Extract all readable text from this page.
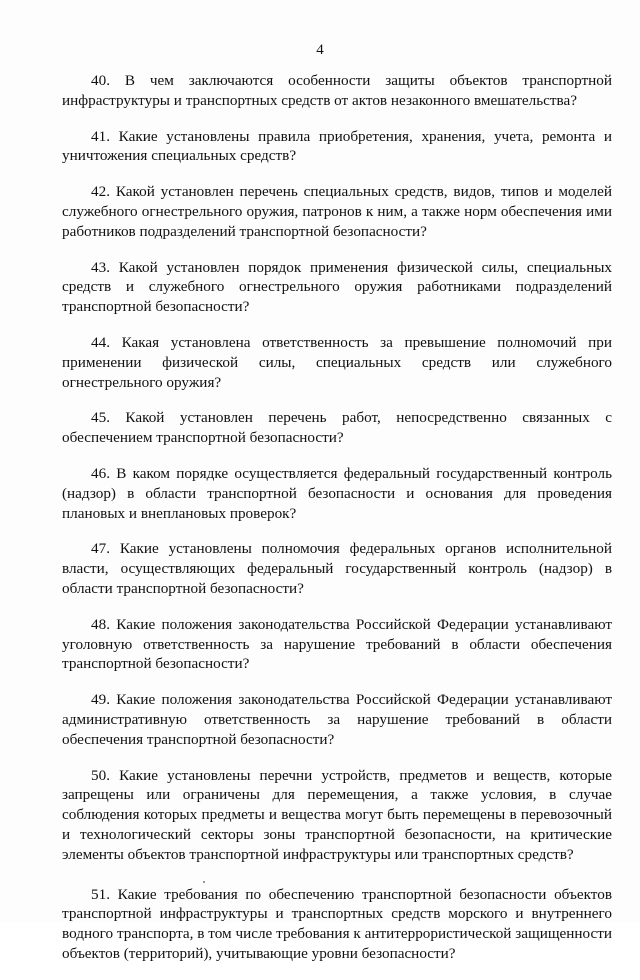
4

40. В чем заключаются особенности защиты объектов транспортной инфраструктуры и транспортных средств от актов незаконного вмешательства?

41. Какие установлены правила приобретения, хранения, учета, ремонта и уничтожения специальных средств?

42. Какой установлен перечень специальных средств, видов, типов и моделей служебного огнестрельного оружия, патронов к ним, а также норм обеспечения ими работников подразделений транспортной безопасности?

43. Какой установлен порядок применения физической силы, специальных средств и служебного огнестрельного оружия работниками подразделений транспортной безопасности?

44. Какая установлена ответственность за превышение полномочий при применении физической силы, специальных средств или служебного огнестрельного оружия?

45. Какой установлен перечень работ, непосредственно связанных с обеспечением транспортной безопасности?

46. В каком порядке осуществляется федеральный государственный контроль (надзор) в области транспортной безопасности и основания для проведения плановых и внеплановых проверок?

47. Какие установлены полномочия федеральных органов исполнительной власти, осуществляющих федеральный государственный контроль (надзор) в области транспортной безопасности?

48. Какие положения законодательства Российской Федерации устанавливают уголовную ответственность за нарушение требований в области обеспечения транспортной безопасности?

49. Какие положения законодательства Российской Федерации устанавливают административную ответственность за нарушение требований в области обеспечения транспортной безопасности?

50. Какие установлены перечни устройств, предметов и веществ, которые запрещены или ограничены для перемещения, а также условия, в случае соблюдения которых предметы и вещества могут быть перемещены в перевозочный и технологический секторы зоны транспортной безопасности, на критические элементы объектов транспортной инфраструктуры или транспортных средств?

51. Какие требования по обеспечению транспортной безопасности объектов транспортной инфраструктуры и транспортных средств морского и внутреннего водного транспорта, в том числе требования к антитеррористической защищенности объектов (территорий), учитывающие уровни безопасности?
